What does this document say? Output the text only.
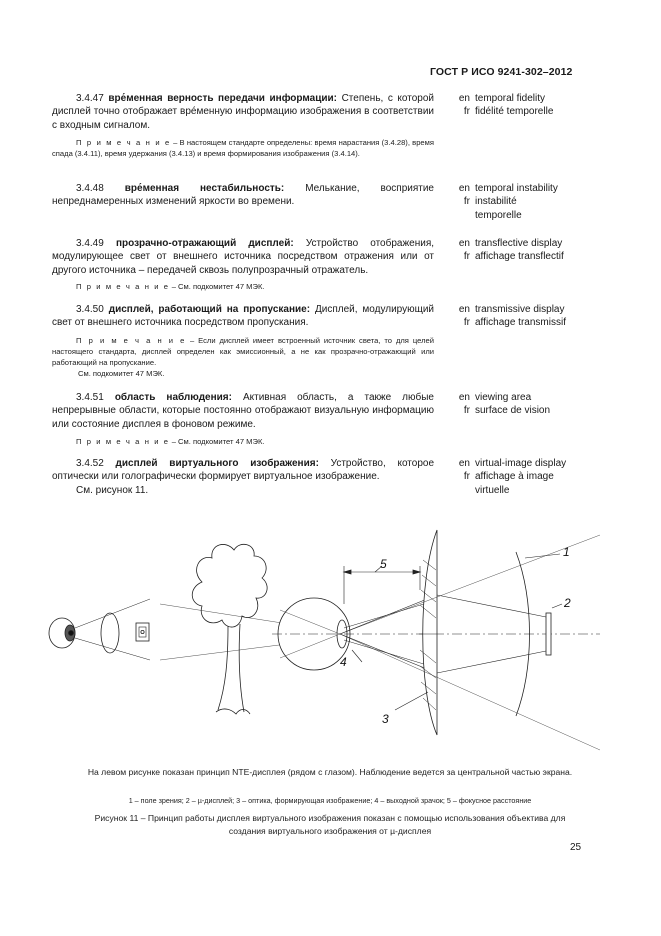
ГОСТ Р ИСО 9241-302–2012
3.4.47 вре́менная верность передачи информации: Степень, с которой дисплей точно отображает вре́менную информацию изображения в соответствии с входным сигналом.
П р и м е ч а н и е – В настоящем стандарте определены: время нарастания (3.4.28), время спада (3.4.11), время удержания (3.4.13) и время формирования изображения (3.4.14).
en temporal fidelity
fr fidélité temporelle
3.4.48 вре́менная нестабильность: Мелькание, восприятие непреднамеренных изменений яркости во времени.
en temporal instability
fr instabilité temporelle
3.4.49 прозрачно-отражающий дисплей: Устройство отображения, модулирующее свет от внешнего источника посредством отражения или от другого источника – передачей сквозь полупрозрачный отражатель.
П р и м е ч а н и е – См. подкомитет 47 МЭК.
en transflective display
fr affichage transflectif
3.4.50 дисплей, работающий на пропускание: Дисплей, модулирующий свет от внешнего источника посредством пропускания.
П р и м е ч а н и е – Если дисплей имеет встроенный источник света, то для целей настоящего стандарта, дисплей определен как эмиссионный, а не как прозрачно-отражающий или работающий на пропускание.
См. подкомитет 47 МЭК.
en transmissive display
fr affichage transmissif
3.4.51 область наблюдения: Активная область, а также любые непрерывные области, которые постоянно отображают визуальную информацию или состояние дисплея в фоновом режиме.
П р и м е ч а н и е – См. подкомитет 47 МЭК.
en viewing area
fr surface de vision
3.4.52 дисплей виртуального изображения: Устройство, которое оптически или голографически формирует виртуальное изображение.
См. рисунок 11.
en virtual-image display
fr affichage à image virtuelle
1
2
3
4
5
На левом рисунке показан принцип NTE-дисплея (рядом с глазом). Наблюдение ведется за центральной частью экрана.
1 – поле зрения; 2 – µ-дисплей; 3 – оптика, формирующая изображение; 4 – выходной зрачок; 5 – фокусное расстояние
Рисунок 11 – Принцип работы дисплея виртуального изображения показан с помощью использования объектива для создания виртуального изображения от µ-дисплея
25
